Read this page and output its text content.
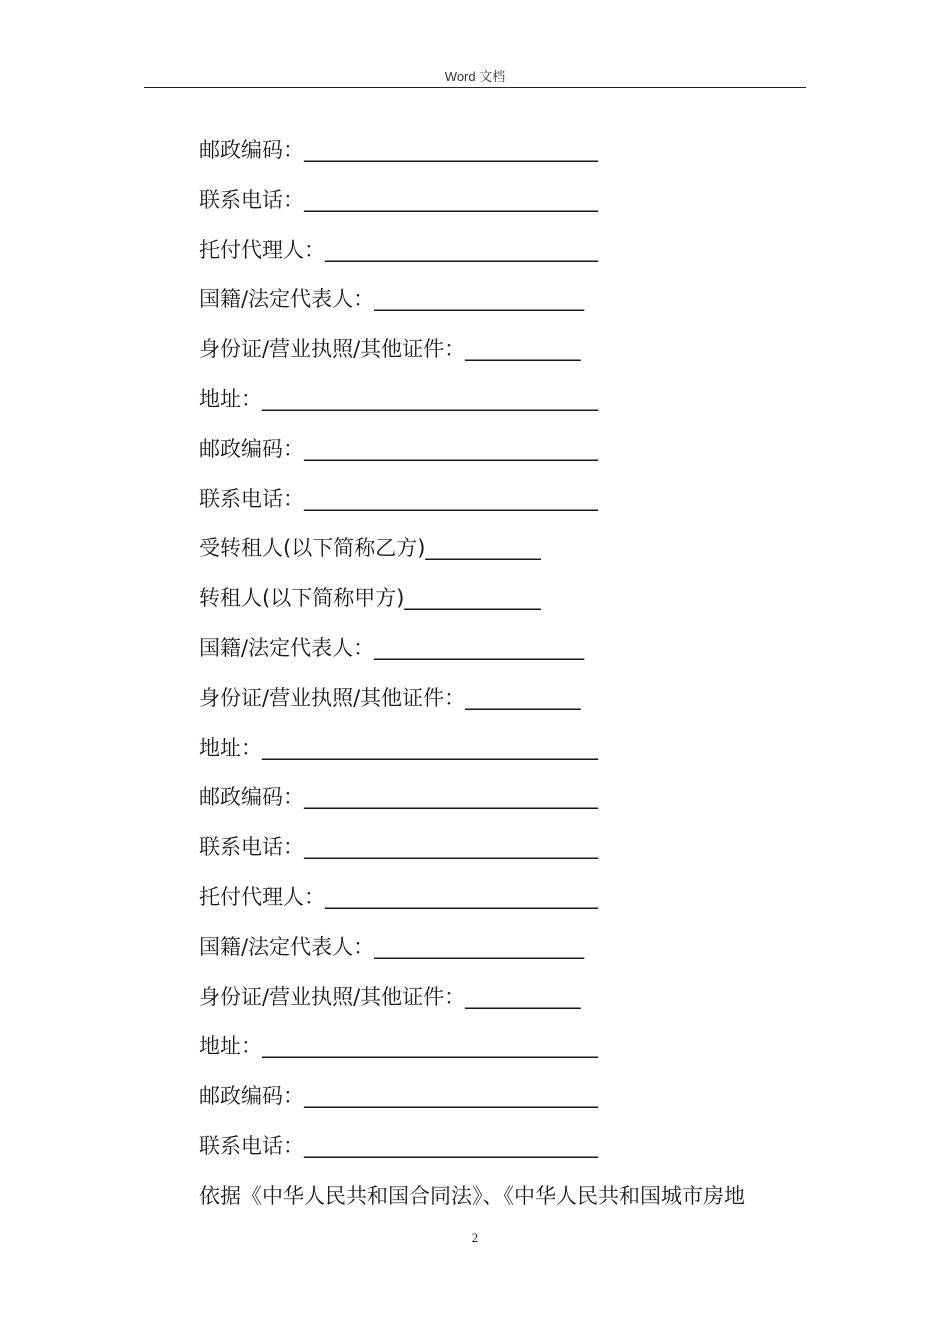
Word 文档
邮政编码：____________________________
联系电话：____________________________
托付代理人：__________________________
国籍/法定代表人：____________________
身份证/营业执照/其他证件：___________
地址：________________________________
邮政编码：____________________________
联系电话：____________________________
受转租人(以下简称乙方)___________
转租人(以下简称甲方)_____________
国籍/法定代表人：____________________
身份证/营业执照/其他证件：___________
地址：________________________________
邮政编码：____________________________
联系电话：____________________________
托付代理人：__________________________
国籍/法定代表人：____________________
身份证/营业执照/其他证件：___________
地址：________________________________
邮政编码：____________________________
联系电话：____________________________
依据《中华人民共和国合同法》、《中华人民共和国城市房地
2
